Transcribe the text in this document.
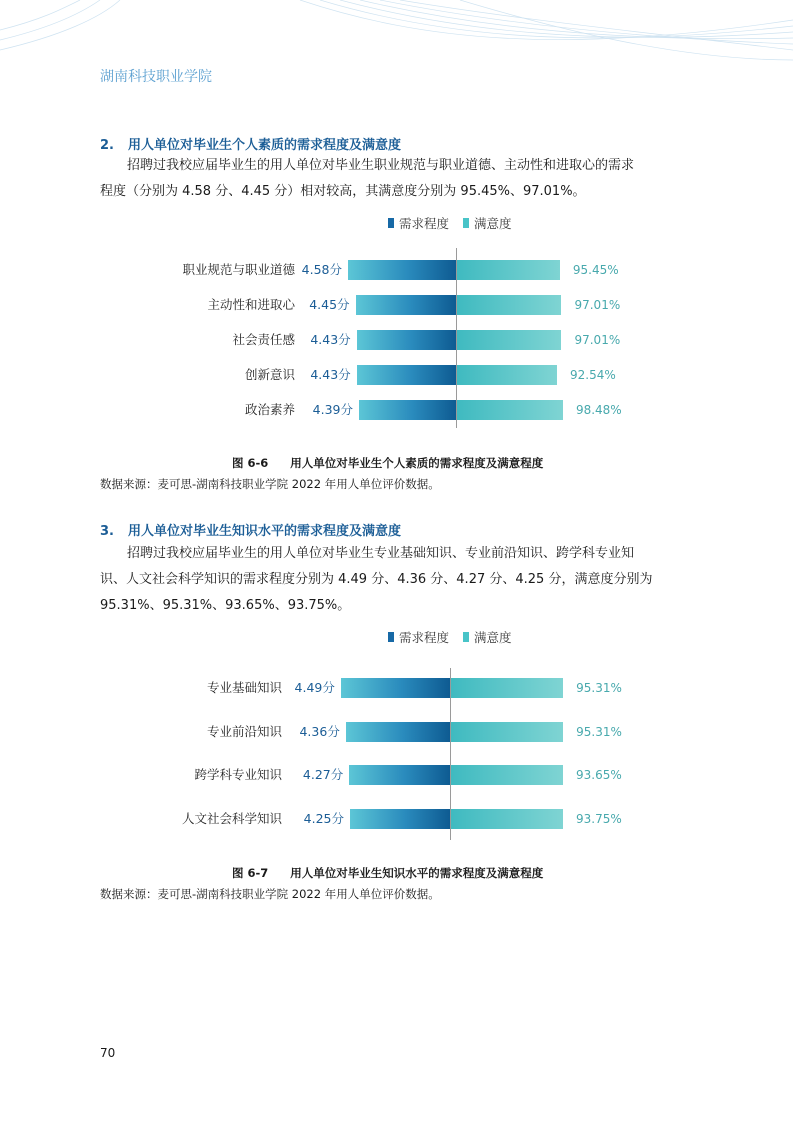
湖南科技职业学院
2. 用人单位对毕业生个人素质的需求程度及满意度

招聘过我校应届毕业生的用人单位对毕业生职业规范与职业道德、主动性和进取心的需求

程度（分别为 4.58 分、4.45 分）相对较高，其满意度分别为 95.45%、97.01%。

需求程度 满意度
职业规范与职业道德 4.58分	95.45%
主动性和进取心 4.45分	97.01%
社会责任感 4.43分	97.01%
创新意识 4.43分	92.54%
政治素养 4.39分	98.48%
图 6-6 用人单位对毕业生个人素质的需求程度及满意程度
数据来源：麦可思-湖南科技职业学院 2022 年用人单位评价数据。
3. 用人单位对毕业生知识水平的需求程度及满意度

招聘过我校应届毕业生的用人单位对毕业生专业基础知识、专业前沿知识、跨学科专业知

识、人文社会科学知识的需求程度分别为 4.49 分、4.36 分、4.27 分、4.25 分，满意度分别为

95.31%、95.31%、93.65%、93.75%。

需求程度 满意度
专业基础知识 4.49分	95.31%
专业前沿知识 4.36分	95.31%
跨学科专业知识 4.27分	93.65%
人文社会科学知识 4.25分	93.75%
图 6-7 用人单位对毕业生知识水平的需求程度及满意程度
数据来源：麦可思-湖南科技职业学院 2022 年用人单位评价数据。
70
